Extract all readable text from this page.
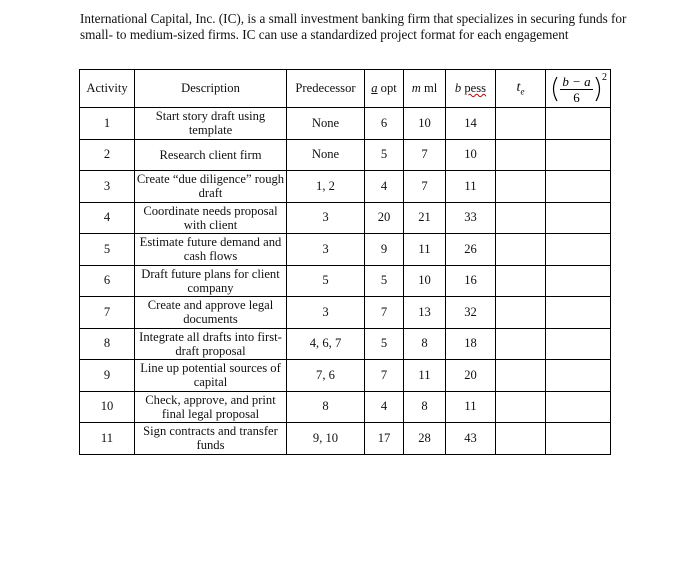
International Capital, Inc. (IC), is a small investment banking firm that specializes in securing funds for small- to medium-sized firms. IC can use a standardized project format for each engagement
Activity	Description	Predecessor	a opt	m ml	b pess	$t_e$	b − a
6
2

1	Start story draft using template	None	6	10	14		
2	Research client firm	None	5	7	10		
3	Create “due diligence” rough draft	1, 2	4	7	11		
4	Coordinate needs proposal with client	3	20	21	33		
5	Estimate future demand and cash flows	3	9	11	26		
6	Draft future plans for client company	5	5	10	16		
7	Create and approve legal documents	3	7	13	32		
8	Integrate all drafts into first-draft proposal	4, 6, 7	5	8	18		
9	Line up potential sources of capital	7, 6	7	11	20		
10	Check, approve, and print final legal proposal	8	4	8	11		
11	Sign contracts and transfer funds	9, 10	17	28	43		
